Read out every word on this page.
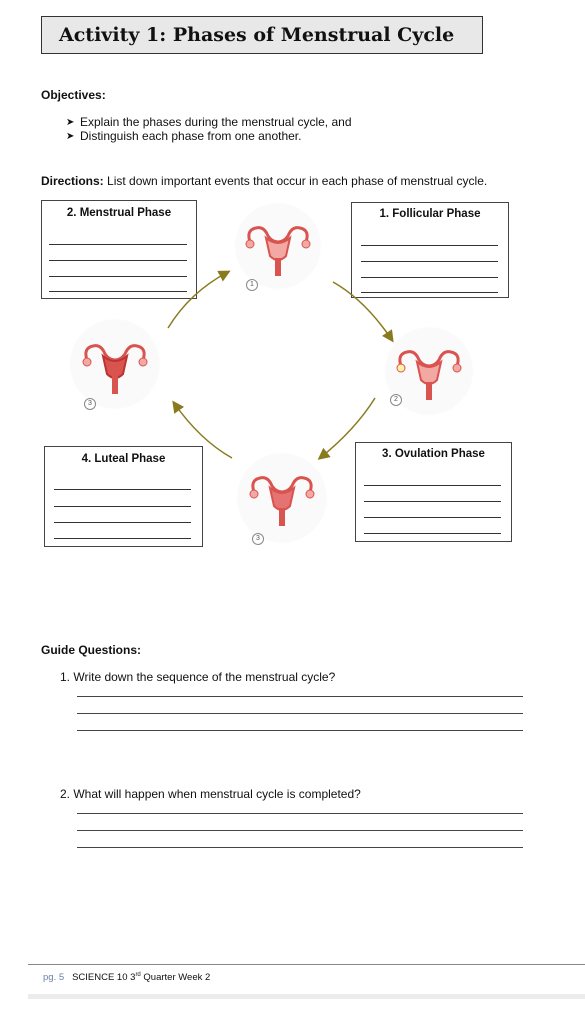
Activity 1: Phases of Menstrual Cycle
Objectives:
➤ Explain the phases during the menstrual cycle, and
➤ Distinguish each phase from one another.
Directions: List down important events that occur in each phase of menstrual cycle.
2. Menstrual Phase	1. Follicular Phase
3. Ovulation Phase
4. Luteal Phase
1
3
2
3
Guide Questions:
1. Write down the sequence of the menstrual cycle?
2. What will happen when menstrual cycle is completed?
pg. 5 SCIENCE 10 3rd Quarter Week 2
